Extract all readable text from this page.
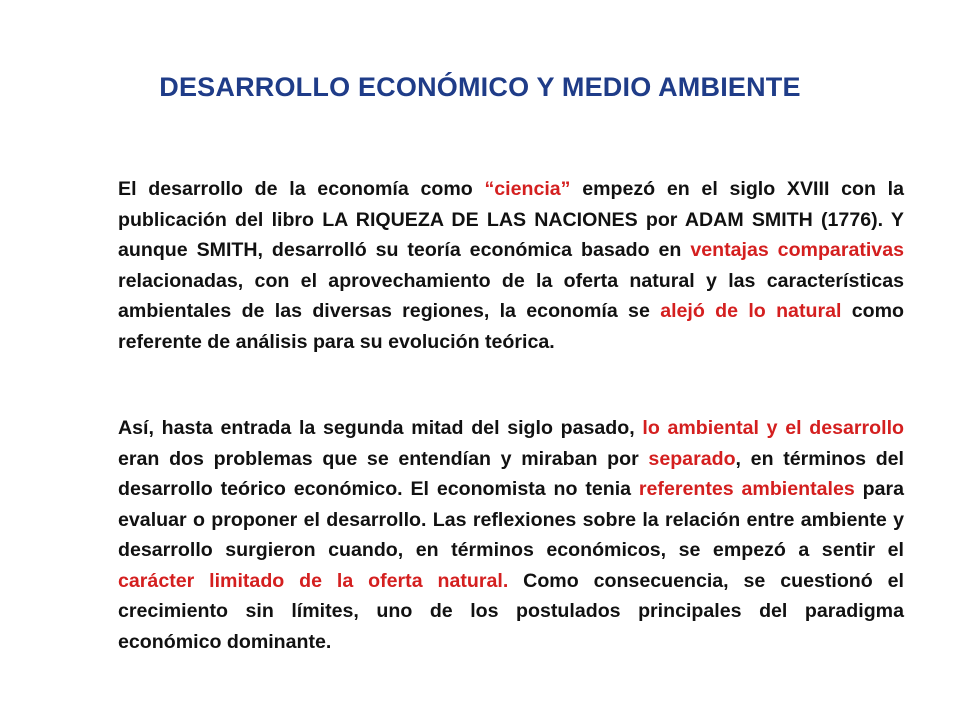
DESARROLLO ECONÓMICO Y MEDIO AMBIENTE

El desarrollo de la economía como “ciencia” empezó en el siglo XVIII con la publicación del libro LA RIQUEZA DE LAS NACIONES por ADAM SMITH (1776). Y aunque SMITH, desarrolló su teoría económica basado en ventajas comparativas relacionadas, con el aprovechamiento de la oferta natural y las características ambientales de las diversas regiones, la economía se alejó de lo natural como referente de análisis para su evolución teórica.

Así, hasta entrada la segunda mitad del siglo pasado, lo ambiental y el desarrollo eran dos problemas que se entendían y miraban por separado, en términos del desarrollo teórico económico. El economista no tenia referentes ambientales para evaluar o proponer el desarrollo. Las reflexiones sobre la relación entre ambiente y desarrollo surgieron cuando, en términos económicos, se empezó a sentir el carácter limitado de la oferta natural. Como consecuencia, se cuestionó el crecimiento sin límites, uno de los postulados principales del paradigma económico dominante.
